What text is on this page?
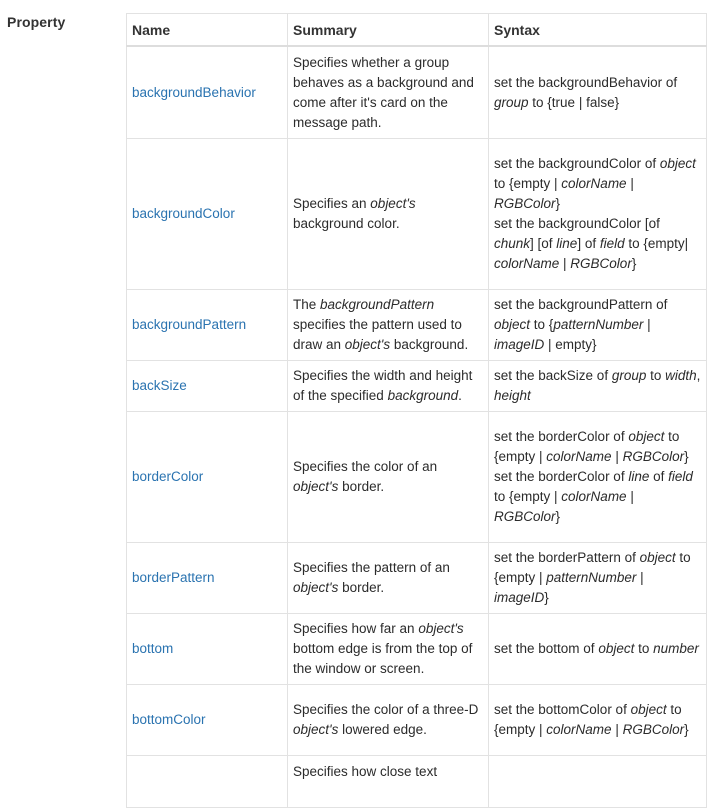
Property	Name	Summary	Syntax
backgroundBehavior	Specifies whether a group behaves as a background and come after it's card on the message path.	set the backgroundBehavior of group to {true | false}
backgroundColor	Specifies an object's background color.	set the backgroundColor of object to {empty | colorName | RGBColor}
set the backgroundColor [of chunk] [of line] of field to {empty| colorName | RGBColor}
backgroundPattern	The backgroundPattern specifies the pattern used to draw an object's background.	set the backgroundPattern of object to {patternNumber | imageID | empty}
backSize	Specifies the width and height of the specified background.	set the backSize of group to width, height
borderColor	Specifies the color of an object's border.	set the borderColor of object to {empty | colorName | RGBColor}
set the borderColor of line of field to {empty | colorName | RGBColor}
borderPattern	Specifies the pattern of an object's border.	set the borderPattern of object to {empty | patternNumber | imageID}
bottom	Specifies how far an object's bottom edge is from the top of the window or screen.	set the bottom of object to number
bottomColor	Specifies the color of a three-D object's lowered edge.	set the bottomColor of object to {empty | colorName | RGBColor}
	Specifies how close text	
